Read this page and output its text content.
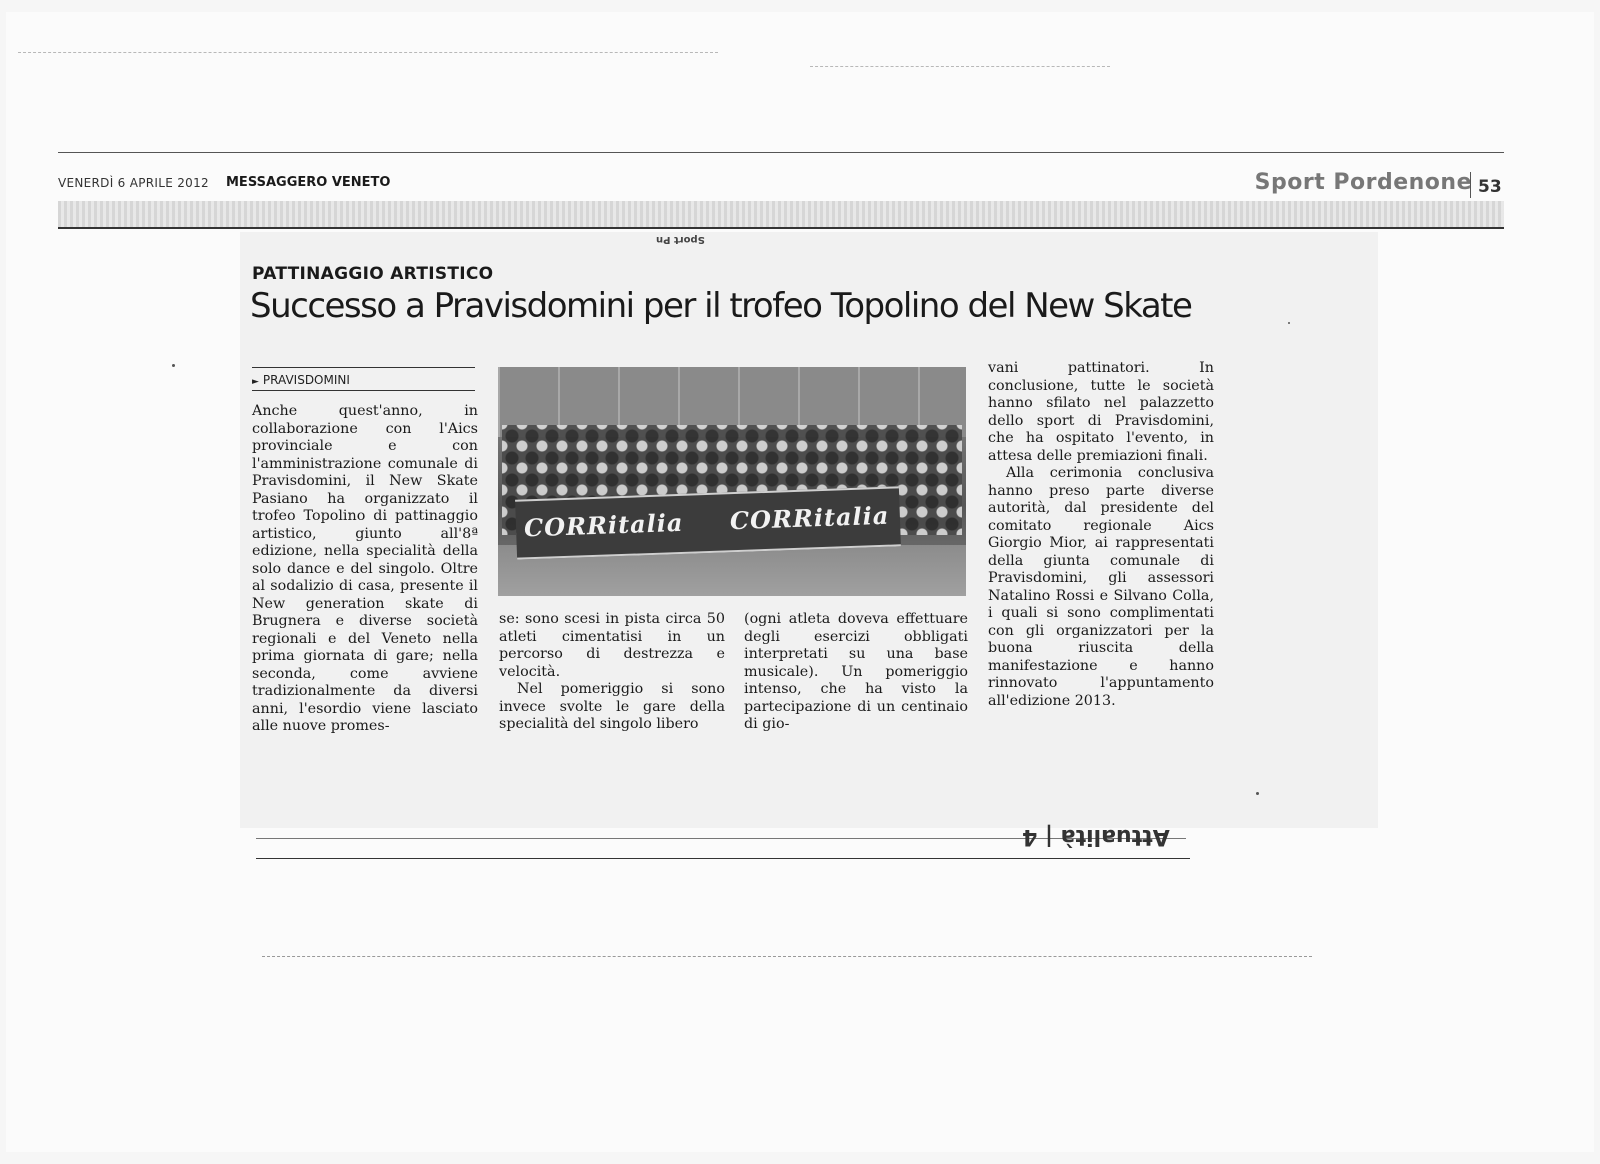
VENERDÌ 6 APRILE 2012 MESSAGGERO VENETO	Sport Pordenone 53
Sport Pn
PATTINAGGIO ARTISTICO
Successo a Pravisdomini per il trofeo Topolino del New Skate
► PRAVISDOMINI

Anche quest'anno, in collaborazione con l'Aics provinciale e con l'amministrazione comunale di Pravisdomini, il New Skate Pasiano ha organizzato il trofeo Topolino di pattinaggio artistico, giunto all'8ª edizione, nella specialità della solo dance e del singolo. Oltre al sodalizio di casa, presente il New generation skate di Brugnera e diverse società regionali e del Veneto nella prima giornata di gare; nella seconda, come avviene tradizionalmente da diversi anni, l'esordio viene lasciato alle nuove promes-

CORRitalia CORRitalia

se: sono scesi in pista circa 50 atleti cimentatisi in un percorso di destrezza e velocità.

Nel pomeriggio si sono invece svolte le gare della specialità del singolo libero

(ogni atleta doveva effettuare degli esercizi obbligati interpretati su una base musicale). Un pomeriggio intenso, che ha visto la partecipazione di un centinaio di gio-

vani pattinatori. In conclusione, tutte le società hanno sfilato nel palazzetto dello sport di Pravisdomini, che ha ospitato l'evento, in attesa delle premiazioni finali.

Alla cerimonia conclusiva hanno preso parte diverse autorità, dal presidente del comitato regionale Aics Giorgio Mior, ai rappresentati della giunta comunale di Pravisdomini, gli assessori Natalino Rossi e Silvano Colla, i quali si sono complimentati con gli organizzatori per la buona riuscita della manifestazione e hanno rinnovato l'appuntamento all'edizione 2013.

Attualità | 4
